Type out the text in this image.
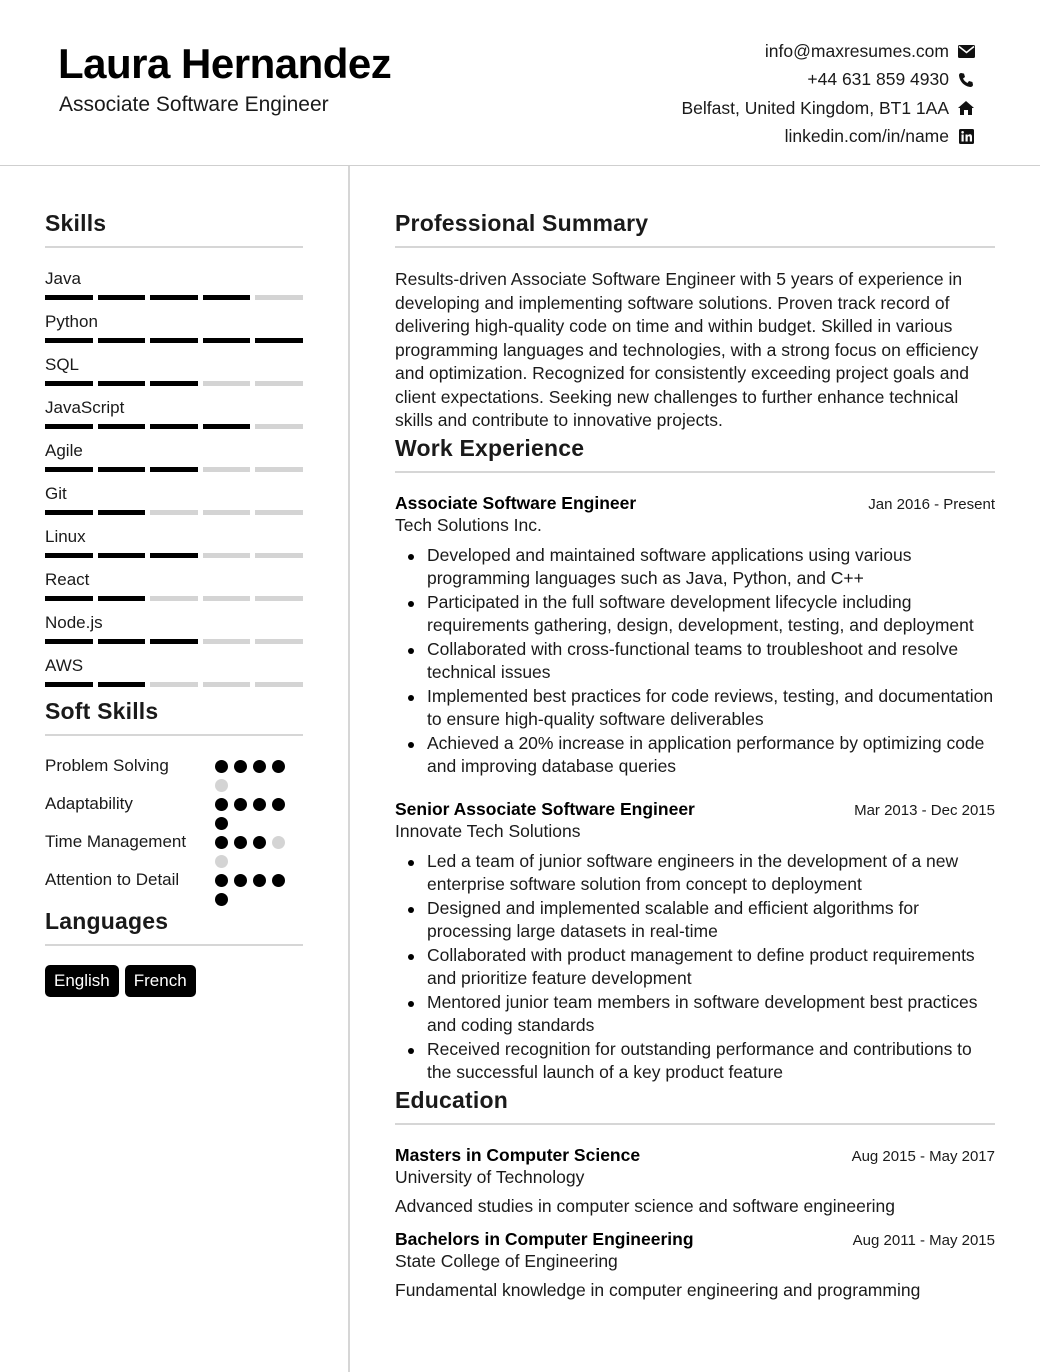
Laura Hernandez
Associate Software Engineer
info@maxresumes.com
+44 631 859 4930
Belfast, United Kingdom, BT1 1AA
linkedin.com/in/name
Skills
Java
Python
SQL
JavaScript
Agile
Git
Linux
React
Node.js
AWS
Soft Skills
Problem Solving
Adaptability
Time Management
Attention to Detail
Languages
English	French
Professional Summary
Results-driven Associate Software Engineer with 5 years of experience in developing and implementing software solutions. Proven track record of delivering high-quality code on time and within budget. Skilled in various programming languages and technologies, with a strong focus on efficiency and optimization. Recognized for consistently exceeding project goals and client expectations. Seeking new challenges to further enhance technical skills and contribute to innovative projects.
Work Experience
Associate Software Engineer	Jan 2016 - Present
Tech Solutions Inc.
Developed and maintained software applications using various programming languages such as Java, Python, and C++
Participated in the full software development lifecycle including requirements gathering, design, development, testing, and deployment
Collaborated with cross-functional teams to troubleshoot and resolve technical issues
Implemented best practices for code reviews, testing, and documentation to ensure high-quality software deliverables
Achieved a 20% increase in application performance by optimizing code and improving database queries
Senior Associate Software Engineer	Mar 2013 - Dec 2015
Innovate Tech Solutions
Led a team of junior software engineers in the development of a new enterprise software solution from concept to deployment
Designed and implemented scalable and efficient algorithms for processing large datasets in real-time
Collaborated with product management to define product requirements and prioritize feature development
Mentored junior team members in software development best practices and coding standards
Received recognition for outstanding performance and contributions to the successful launch of a key product feature
Education
Masters in Computer Science	Aug 2015 - May 2017
University of Technology
Advanced studies in computer science and software engineering
Bachelors in Computer Engineering	Aug 2011 - May 2015
State College of Engineering
Fundamental knowledge in computer engineering and programming
